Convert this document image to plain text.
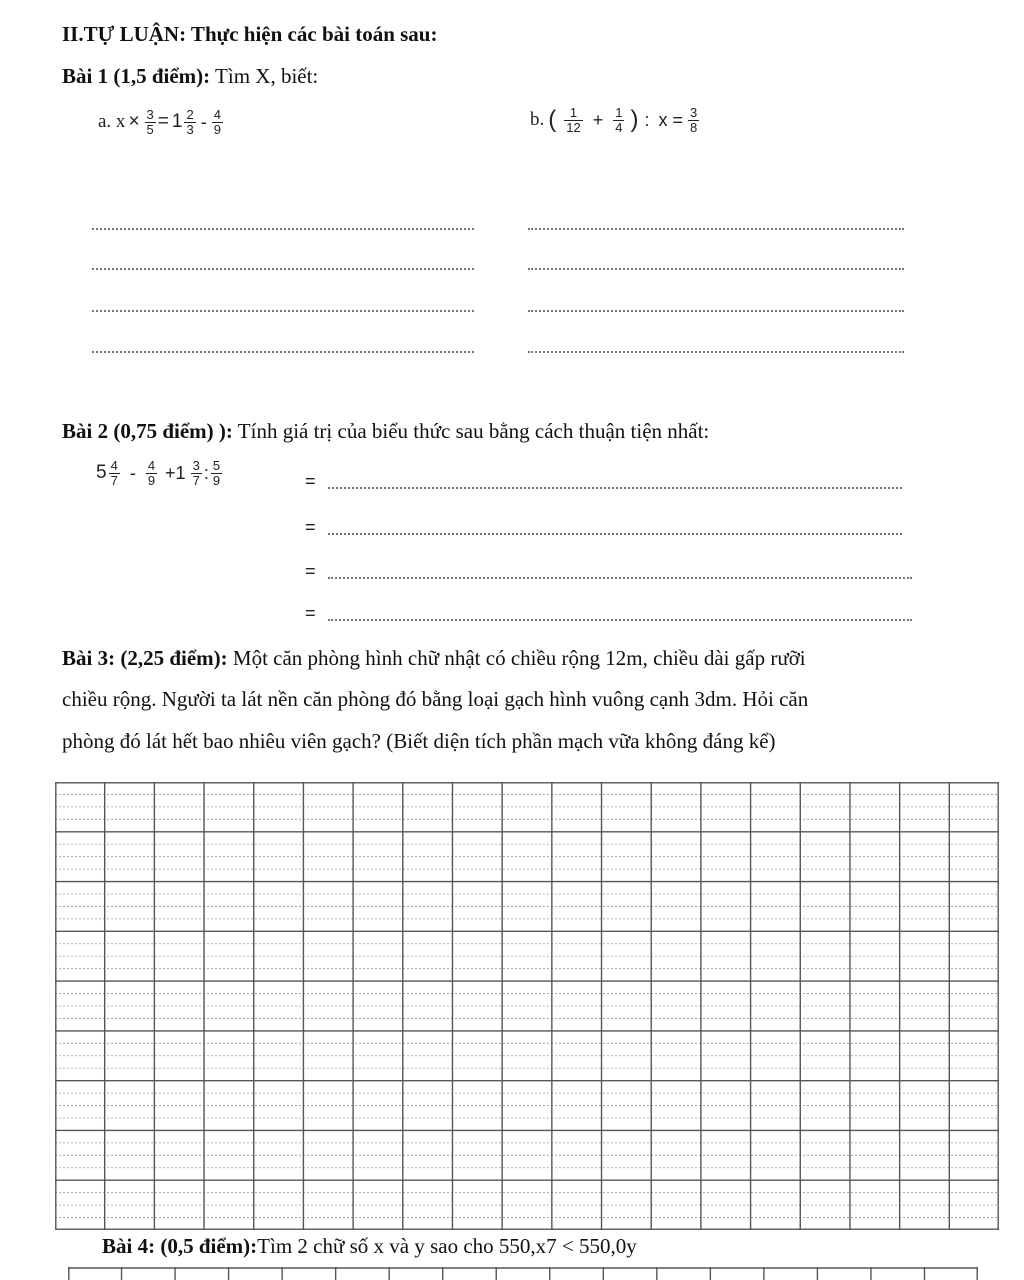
II.TỰ LUẬN: Thực hiện các bài toán sau:
Bài 1 (1,5 điểm): Tìm X, biết:
a. $x \times \frac{3}{5} = 1 \frac{2}{3} - \frac{4}{9}$	b. ( $\frac{1}{12} + \frac{1}{4}$ ) : $x = \frac{3}{8}$
Bài 2 (0,75 điểm) ): Tính giá trị của biểu thức sau bằng cách thuận tiện nhất:
$5 \frac{4}{7} - \frac{4}{9} +1 \frac{3}{7}$ : $\frac{5}{9}$	=
=
=
=
Bài 3: (2,25 điểm): Một căn phòng hình chữ nhật có chiều rộng 12m, chiều dài gấp rưỡi
chiều rộng. Người ta lát nền căn phòng đó bằng loại gạch hình vuông cạnh 3dm. Hỏi căn
phòng đó lát hết bao nhiêu viên gạch? (Biết diện tích phần mạch vữa không đáng kể)
Bài 4: (0,5 điểm):Tìm 2 chữ số x và y sao cho 550,x7 < 550,0y
